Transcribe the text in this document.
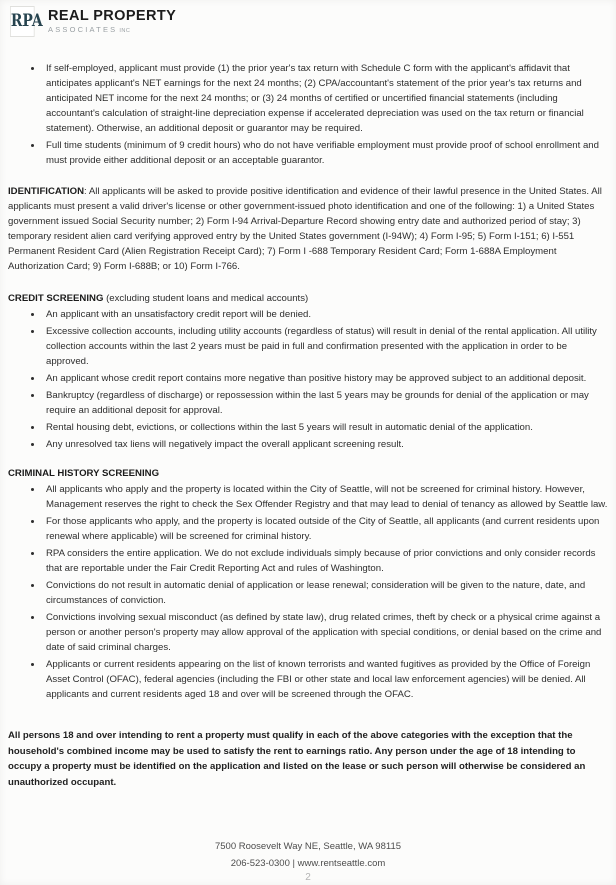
RPA REAL PROPERTY
ASSOCIATES INC
If self-employed, applicant must provide (1) the prior year's tax return with Schedule C form with the applicant's affidavit that anticipates applicant's NET earnings for the next 24 months; (2) CPA/accountant's statement of the prior year's tax returns and anticipated NET income for the next 24 months; or (3) 24 months of certified or uncertified financial statements (including accountant's calculation of straight-line depreciation expense if accelerated depreciation was used on the tax return or financial statement). Otherwise, an additional deposit or guarantor may be required.
Full time students (minimum of 9 credit hours) who do not have verifiable employment must provide proof of school enrollment and must provide either additional deposit or an acceptable guarantor.
IDENTIFICATION: All applicants will be asked to provide positive identification and evidence of their lawful presence in the United States. All applicants must present a valid driver's license or other government-issued photo identification and one of the following: 1) a United States government issued Social Security number; 2) Form I-94 Arrival-Departure Record showing entry date and authorized period of stay; 3) temporary resident alien card verifying approved entry by the United States government (I-94W); 4) Form I-95; 5) Form I-151; 6) I-551 Permanent Resident Card (Alien Registration Receipt Card); 7) Form I -688 Temporary Resident Card; Form 1-688A Employment Authorization Card; 9) Form I-688B; or 10) Form I-766.
CREDIT SCREENING (excluding student loans and medical accounts)
An applicant with an unsatisfactory credit report will be denied.
Excessive collection accounts, including utility accounts (regardless of status) will result in denial of the rental application. All utility collection accounts within the last 2 years must be paid in full and confirmation presented with the application in order to be approved.
An applicant whose credit report contains more negative than positive history may be approved subject to an additional deposit.
Bankruptcy (regardless of discharge) or repossession within the last 5 years may be grounds for denial of the application or may require an additional deposit for approval.
Rental housing debt, evictions, or collections within the last 5 years will result in automatic denial of the application.
Any unresolved tax liens will negatively impact the overall applicant screening result.
CRIMINAL HISTORY SCREENING
All applicants who apply and the property is located within the City of Seattle, will not be screened for criminal history. However, Management reserves the right to check the Sex Offender Registry and that may lead to denial of tenancy as allowed by Seattle law.
For those applicants who apply, and the property is located outside of the City of Seattle, all applicants (and current residents upon renewal where applicable) will be screened for criminal history.
RPA considers the entire application. We do not exclude individuals simply because of prior convictions and only consider records that are reportable under the Fair Credit Reporting Act and rules of Washington.
Convictions do not result in automatic denial of application or lease renewal; consideration will be given to the nature, date, and circumstances of conviction.
Convictions involving sexual misconduct (as defined by state law), drug related crimes, theft by check or a physical crime against a person or another person's property may allow approval of the application with special conditions, or denial based on the crime and date of said criminal charges.
Applicants or current residents appearing on the list of known terrorists and wanted fugitives as provided by the Office of Foreign Asset Control (OFAC), federal agencies (including the FBI or other state and local law enforcement agencies) will be denied. All applicants and current residents aged 18 and over will be screened through the OFAC.
All persons 18 and over intending to rent a property must qualify in each of the above categories with the exception that the household's combined income may be used to satisfy the rent to earnings ratio. Any person under the age of 18 intending to occupy a property must be identified on the application and listed on the lease or such person will otherwise be considered an unauthorized occupant.
7500 Roosevelt Way NE, Seattle, WA 98115
206-523-0300 | www.rentseattle.com
2
